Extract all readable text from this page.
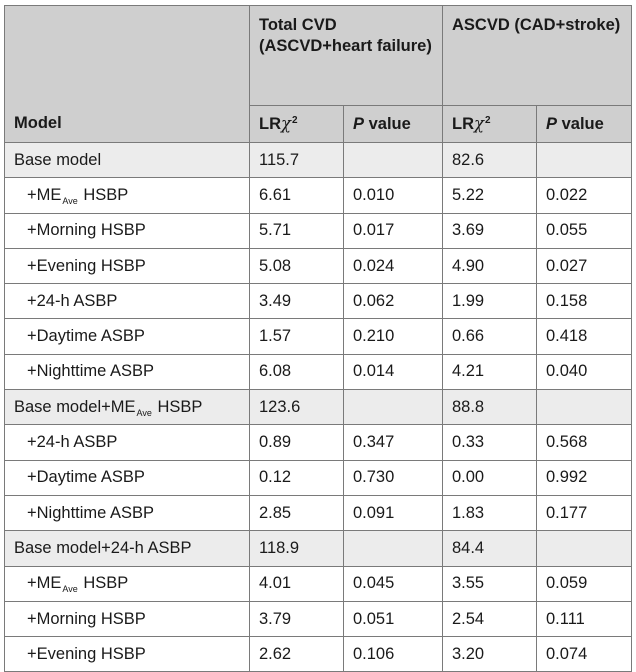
Model	Total CVD (ASCVD+heart failure)		ASCVD (CAD+stroke)	
	LRχ$^2$	P value	LRχ$^2$	P value
Base model	115.7		82.6	
$+ME_{Ave}$ HSBP	6.61	0.010	5.22	0.022
+Morning HSBP	5.71	0.017	3.69	0.055
+Evening HSBP	5.08	0.024	4.90	0.027
+24-h ASBP	3.49	0.062	1.99	0.158
+Daytime ASBP	1.57	0.210	0.66	0.418
+Nighttime ASBP	6.08	0.014	4.21	0.040
Base $model+ME_{Ave}$ HSBP	123.6		88.8	
+24-h ASBP	0.89	0.347	0.33	0.568
+Daytime ASBP	0.12	0.730	0.00	0.992
+Nighttime ASBP	2.85	0.091	1.83	0.177
Base model+24-h ASBP	118.9		84.4	
$+ME_{Ave}$ HSBP	4.01	0.045	3.55	0.059
+Morning HSBP	3.79	0.051	2.54	0.111
+Evening HSBP	2.62	0.106	3.20	0.074
